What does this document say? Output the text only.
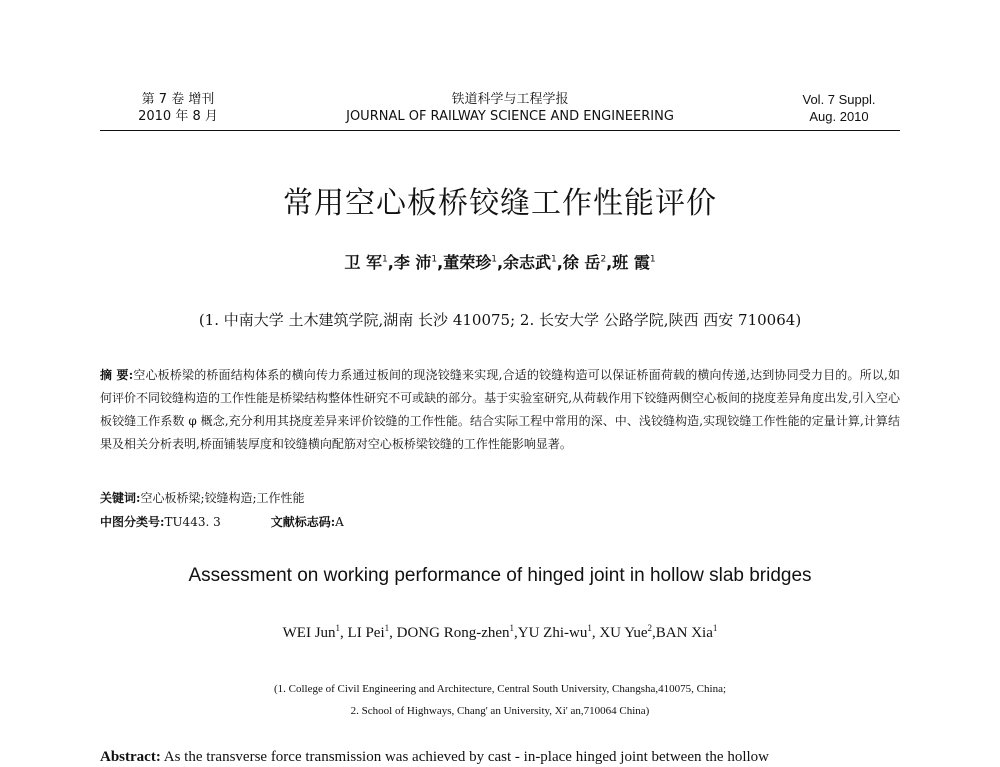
第 7 卷 增刊
2010 年 8 月
铁道科学与工程学报
JOURNAL OF RAILWAY SCIENCE AND ENGINEERING
Vol. 7 Suppl.
Aug. 2010
常用空心板桥铰缝工作性能评价
卫 军$^1$,李 沛$^1$,董荣珍$^1$,余志武$^1$,徐 岳$^2$,班 霞$^1$
(1. 中南大学 土木建筑学院,湖南 长沙 410075; 2. 长安大学 公路学院,陕西 西安 710064)
摘 要:空心板桥梁的桥面结构体系的横向传力系通过板间的现浇铰缝来实现,合适的铰缝构造可以保证桥面荷载的横向传递,达到协同受力目的。所以,如何评价不同铰缝构造的工作性能是桥梁结构整体性研究不可或缺的部分。基于实验室研究,从荷载作用下铰缝两侧空心板间的挠度差异角度出发,引入空心板铰缝工作系数 φ 概念,充分利用其挠度差异来评价铰缝的工作性能。结合实际工程中常用的深、中、浅铰缝构造,实现铰缝工作性能的定量计算,计算结果及相关分析表明,桥面铺装厚度和铰缝横向配筋对空心板桥梁铰缝的工作性能影响显著。
关键词:空心板桥梁;铰缝构造;工作性能
中图分类号:TU443. 3	文献标志码:A
Assessment on working performance of hinged joint in hollow slab bridges
WEI Jun$^1$, LI Pei$^1$, DONG Rong-zhen$^1$,YU Zhi-$wu^1$, XU Yue$^2$,BAN Xia$^1$
(1. College of Civil Engineering and Architecture, Central South University, Changsha,410075, China;
2. School of Highways, Chang' an University, Xi' an,710064 China)
Abstract: As the transverse force transmission was achieved by cast - in-place hinged joint between the hollow
